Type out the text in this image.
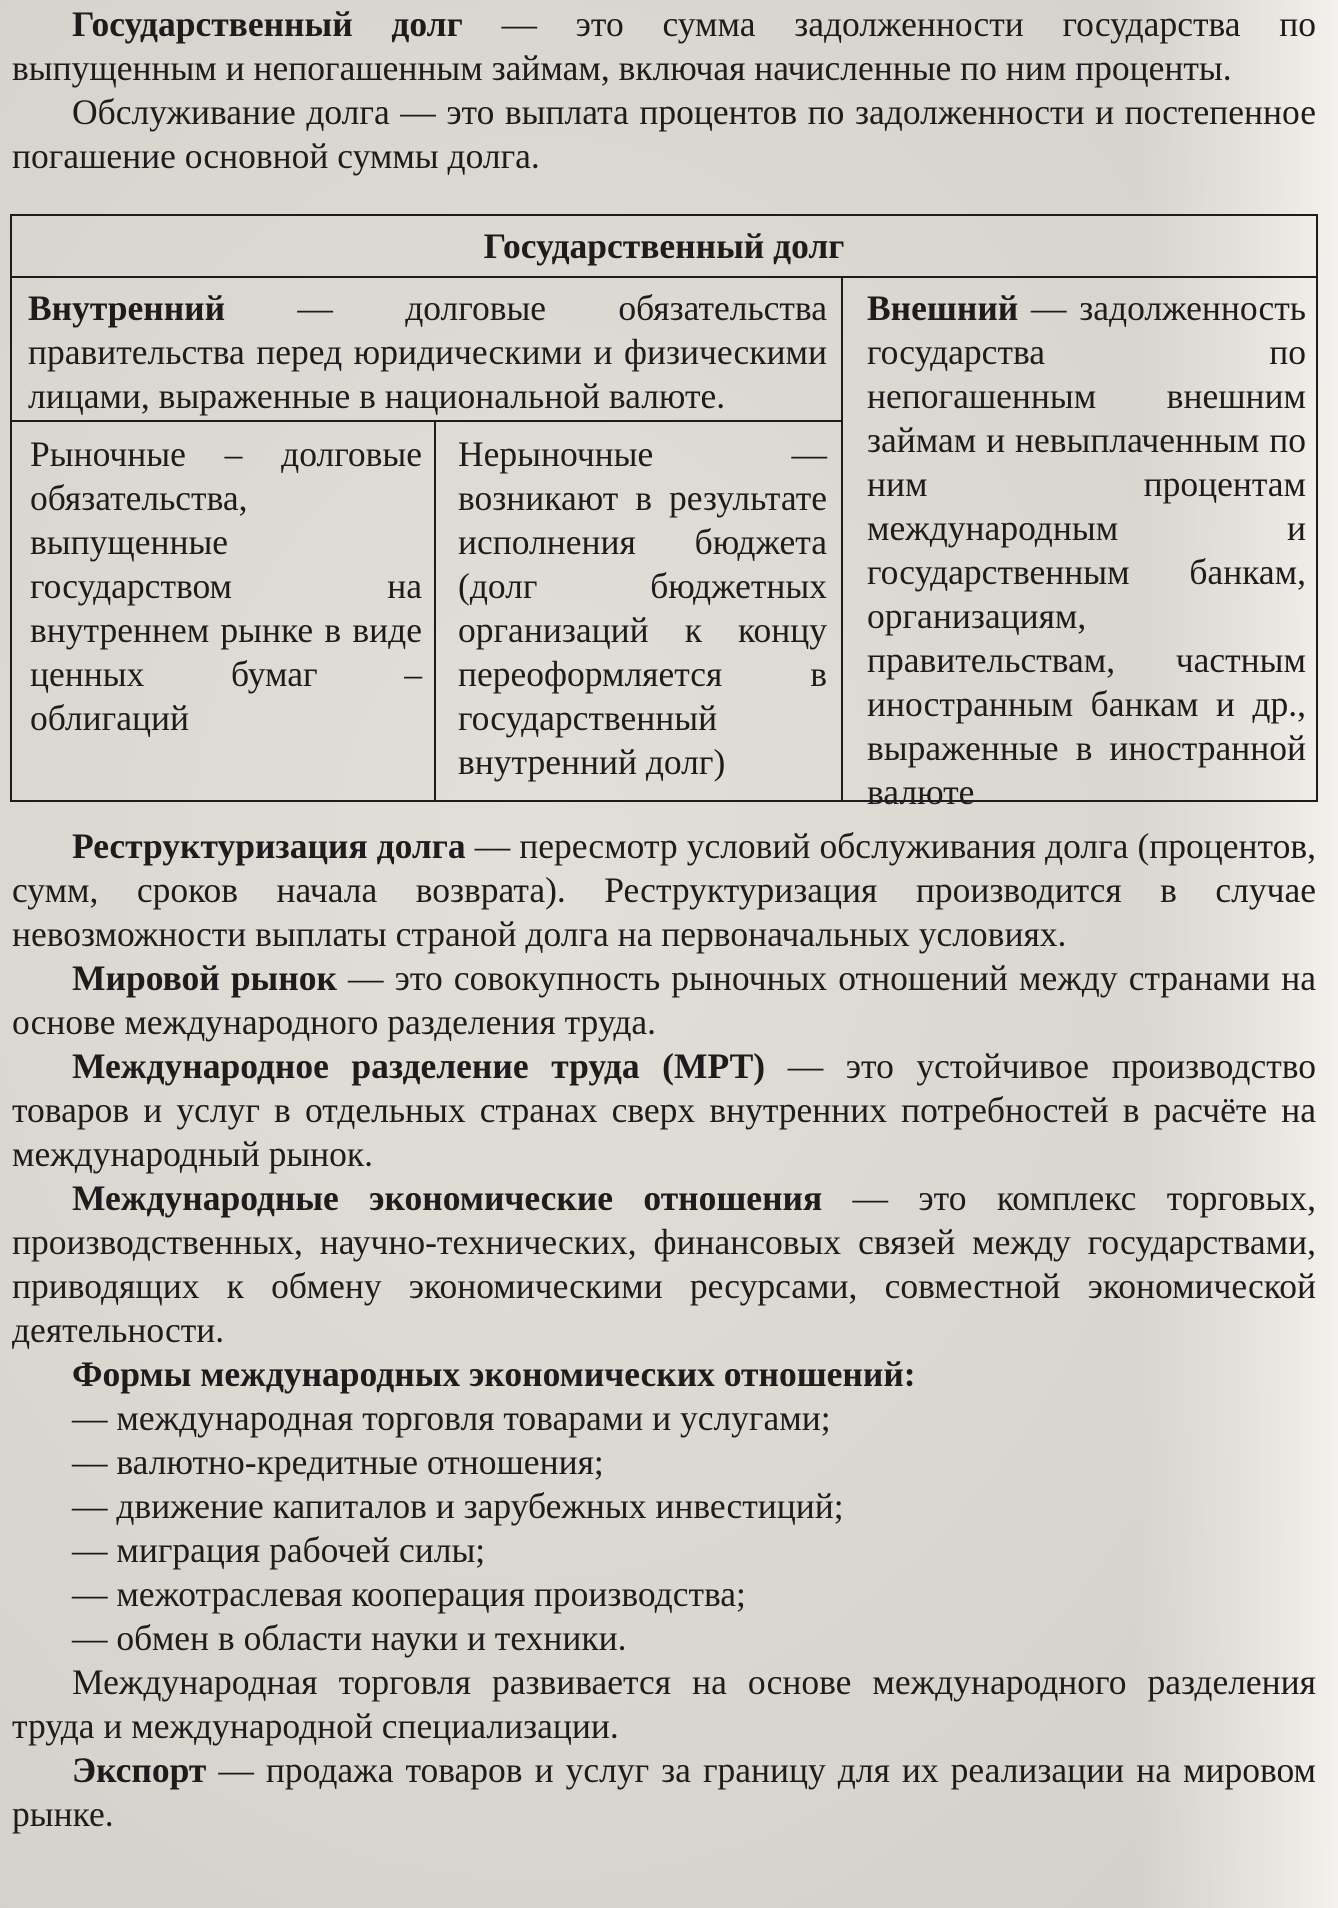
Государственный долг — это сумма задолженности государства по выпущенным и непогашенным займам, включая начисленные по ним проценты.

Обслуживание долга — это выплата процентов по задолженности и постепенное погашение основной суммы долга.

Государственный долг
Внутренний — долговые обязательства правительства перед юридическими и физическими лицами, выраженные в национальной валюте.
Внешний — задолженность государства по непогашенным внешним займам и невыплаченным по ним процентам международным и государственным банкам, организациям, правительствам, частным иностранным банкам и др., выраженные в иностранной валюте
Рыночные – долговые обязательства, выпущенные государством на внутреннем рынке в виде ценных бумаг – облигаций
Нерыночные — возникают в результате исполнения бюджета (долг бюджетных организаций к концу переоформляется в государственный внутренний долг)

Реструктуризация долга — пересмотр условий обслуживания долга (процентов, сумм, сроков начала возврата). Реструктуризация производится в случае невозможности выплаты страной долга на первоначальных условиях.

Мировой рынок — это совокупность рыночных отношений между странами на основе международного разделения труда.

Международное разделение труда (МРТ) — это устойчивое производство товаров и услуг в отдельных странах сверх внутренних потребностей в расчёте на международный рынок.

Международные экономические отношения — это комплекс торговых, производственных, научно-технических, финансовых связей между государствами, приводящих к обмену экономическими ресурсами, совместной экономической деятельности.

Формы международных экономических отношений:

— международная торговля товарами и услугами;
— валютно-кредитные отношения;
— движение капиталов и зарубежных инвестиций;
— миграция рабочей силы;
— межотраслевая кооперация производства;
— обмен в области науки и техники.

Международная торговля развивается на основе международного разделения труда и международной специализации.

Экспорт — продажа товаров и услуг за границу для их реализации на мировом рынке.
